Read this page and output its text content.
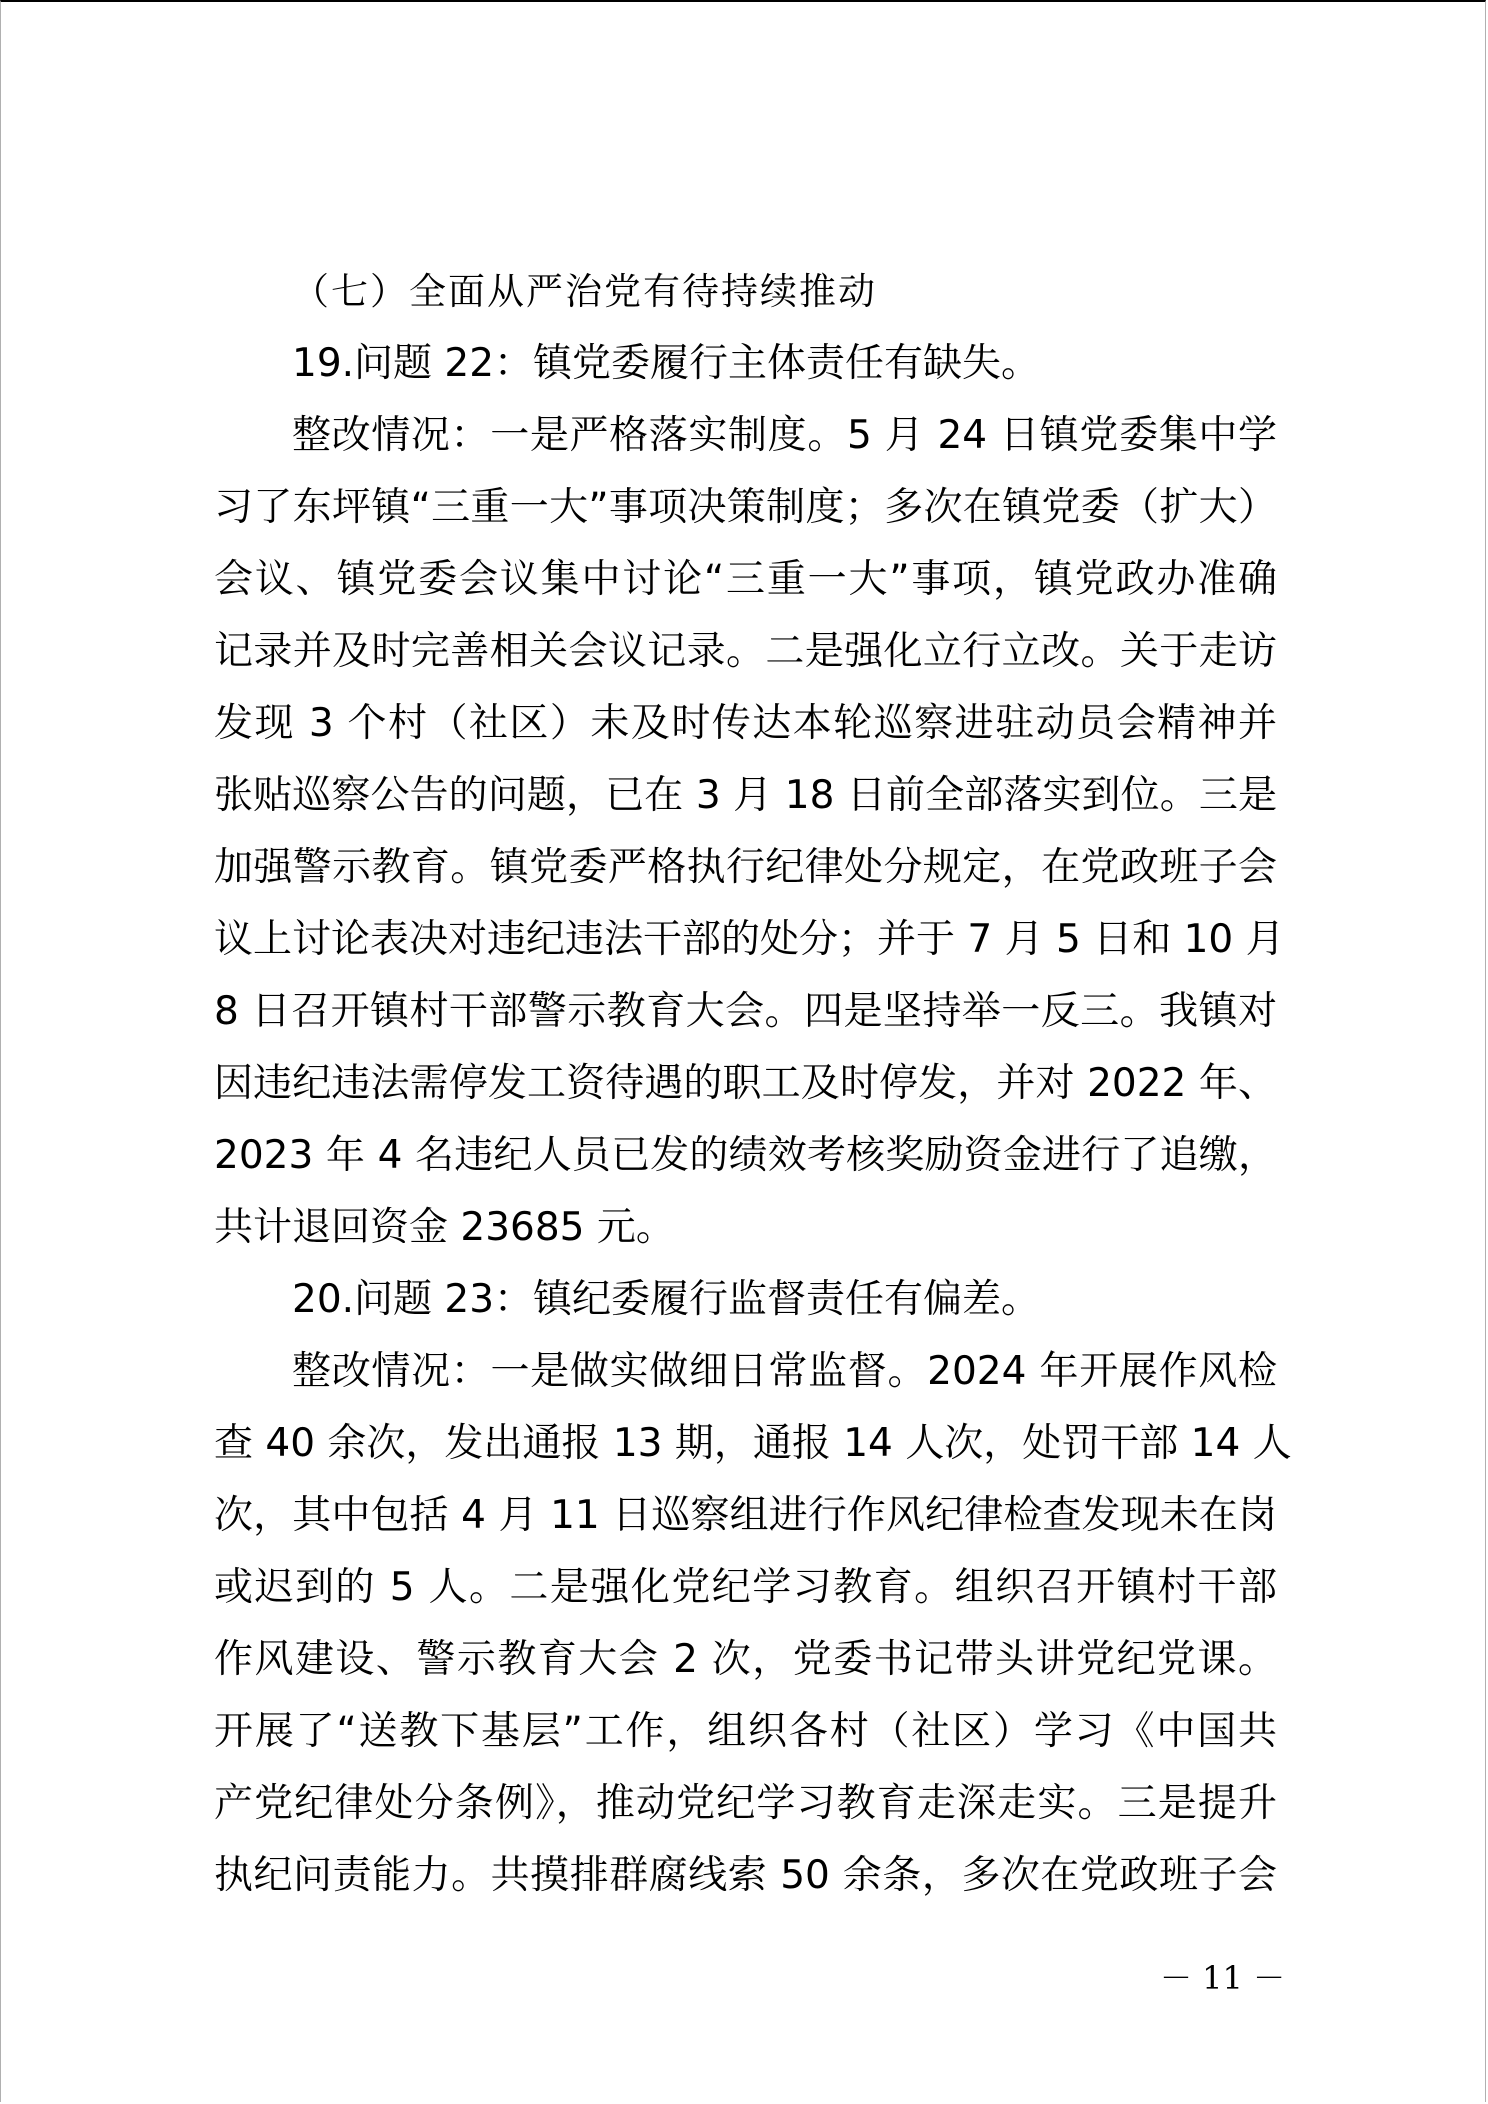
（七）全面从严治党有待持续推动
19.问题 22：镇党委履行主体责任有缺失。
整改情况：一是严格落实制度。5 月 24 日镇党委集中学
习了东坪镇“三重一大”事项决策制度；多次在镇党委（扩大）
会议、镇党委会议集中讨论“三重一大”事项，镇党政办准确
记录并及时完善相关会议记录。二是强化立行立改。关于走访
发现 3 个村（社区）未及时传达本轮巡察进驻动员会精神并
张贴巡察公告的问题，已在 3 月 18 日前全部落实到位。三是
加强警示教育。镇党委严格执行纪律处分规定，在党政班子会
议上讨论表决对违纪违法干部的处分；并于 7 月 5 日和 10 月
8 日召开镇村干部警示教育大会。四是坚持举一反三。我镇对
因违纪违法需停发工资待遇的职工及时停发，并对 2022 年、
2023 年 4 名违纪人员已发的绩效考核奖励资金进行了追缴，
共计退回资金 23685 元。
20.问题 23：镇纪委履行监督责任有偏差。
整改情况：一是做实做细日常监督。2024 年开展作风检
查 40 余次，发出通报 13 期，通报 14 人次，处罚干部 14 人
次，其中包括 4 月 11 日巡察组进行作风纪律检查发现未在岗
或迟到的 5 人。二是强化党纪学习教育。组织召开镇村干部
作风建设、警示教育大会 2 次，党委书记带头讲党纪党课。
开展了“送教下基层”工作，组织各村（社区）学习《中国共
产党纪律处分条例》，推动党纪学习教育走深走实。三是提升
执纪问责能力。共摸排群腐线索 50 余条，多次在党政班子会
－ 11 －
